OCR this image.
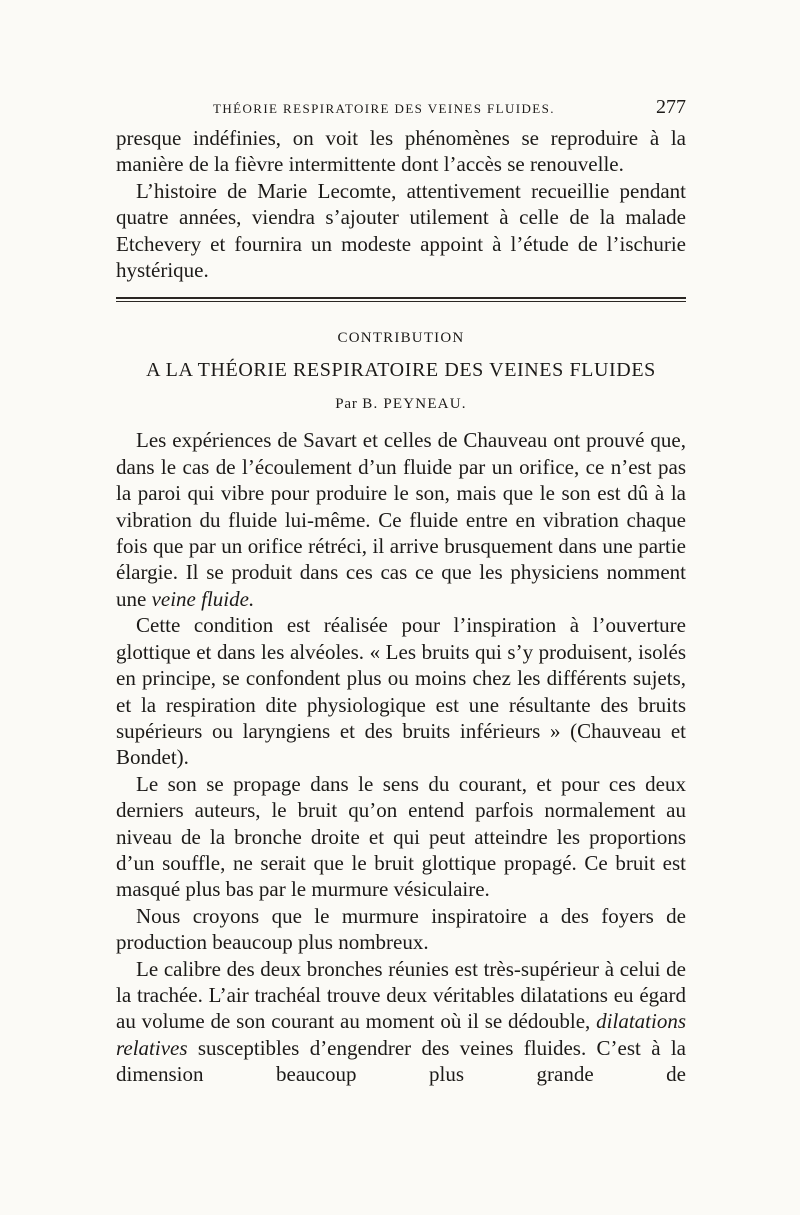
THÉORIE RESPIRATOIRE DES VEINES FLUIDES.	277

presque indéfinies, on voit les phénomènes se reproduire à la manière de la fièvre intermittente dont l’accès se renouvelle.

L’histoire de Marie Lecomte, attentivement recueillie pendant quatre années, viendra s’ajouter utilement à celle de la malade Etchevery et fournira un modeste appoint à l’étude de l’ischurie hystérique.

CONTRIBUTION
A LA THÉORIE RESPIRATOIRE DES VEINES FLUIDES
Par B. PEYNEAU.

Les expériences de Savart et celles de Chauveau ont prouvé que, dans le cas de l’écoulement d’un fluide par un orifice, ce n’est pas la paroi qui vibre pour produire le son, mais que le son est dû à la vibration du fluide lui-même. Ce fluide entre en vibration chaque fois que par un orifice rétréci, il arrive brusquement dans une partie élargie. Il se produit dans ces cas ce que les physiciens nomment une veine fluide.

Cette condition est réalisée pour l’inspiration à l’ouverture glottique et dans les alvéoles. « Les bruits qui s’y produisent, isolés en principe, se confondent plus ou moins chez les différents sujets, et la respiration dite physiologique est une résultante des bruits supérieurs ou laryngiens et des bruits inférieurs » (Chauveau et Bondet).

Le son se propage dans le sens du courant, et pour ces deux derniers auteurs, le bruit qu’on entend parfois normalement au niveau de la bronche droite et qui peut atteindre les proportions d’un souffle, ne serait que le bruit glottique propagé. Ce bruit est masqué plus bas par le murmure vésiculaire.

Nous croyons que le murmure inspiratoire a des foyers de production beaucoup plus nombreux.

Le calibre des deux bronches réunies est très-supérieur à celui de la trachée. L’air trachéal trouve deux véritables dilatations eu égard au volume de son courant au moment où il se dédouble, dilatations relatives susceptibles d’engendrer des veines fluides. C’est à la dimension beaucoup plus grande de
